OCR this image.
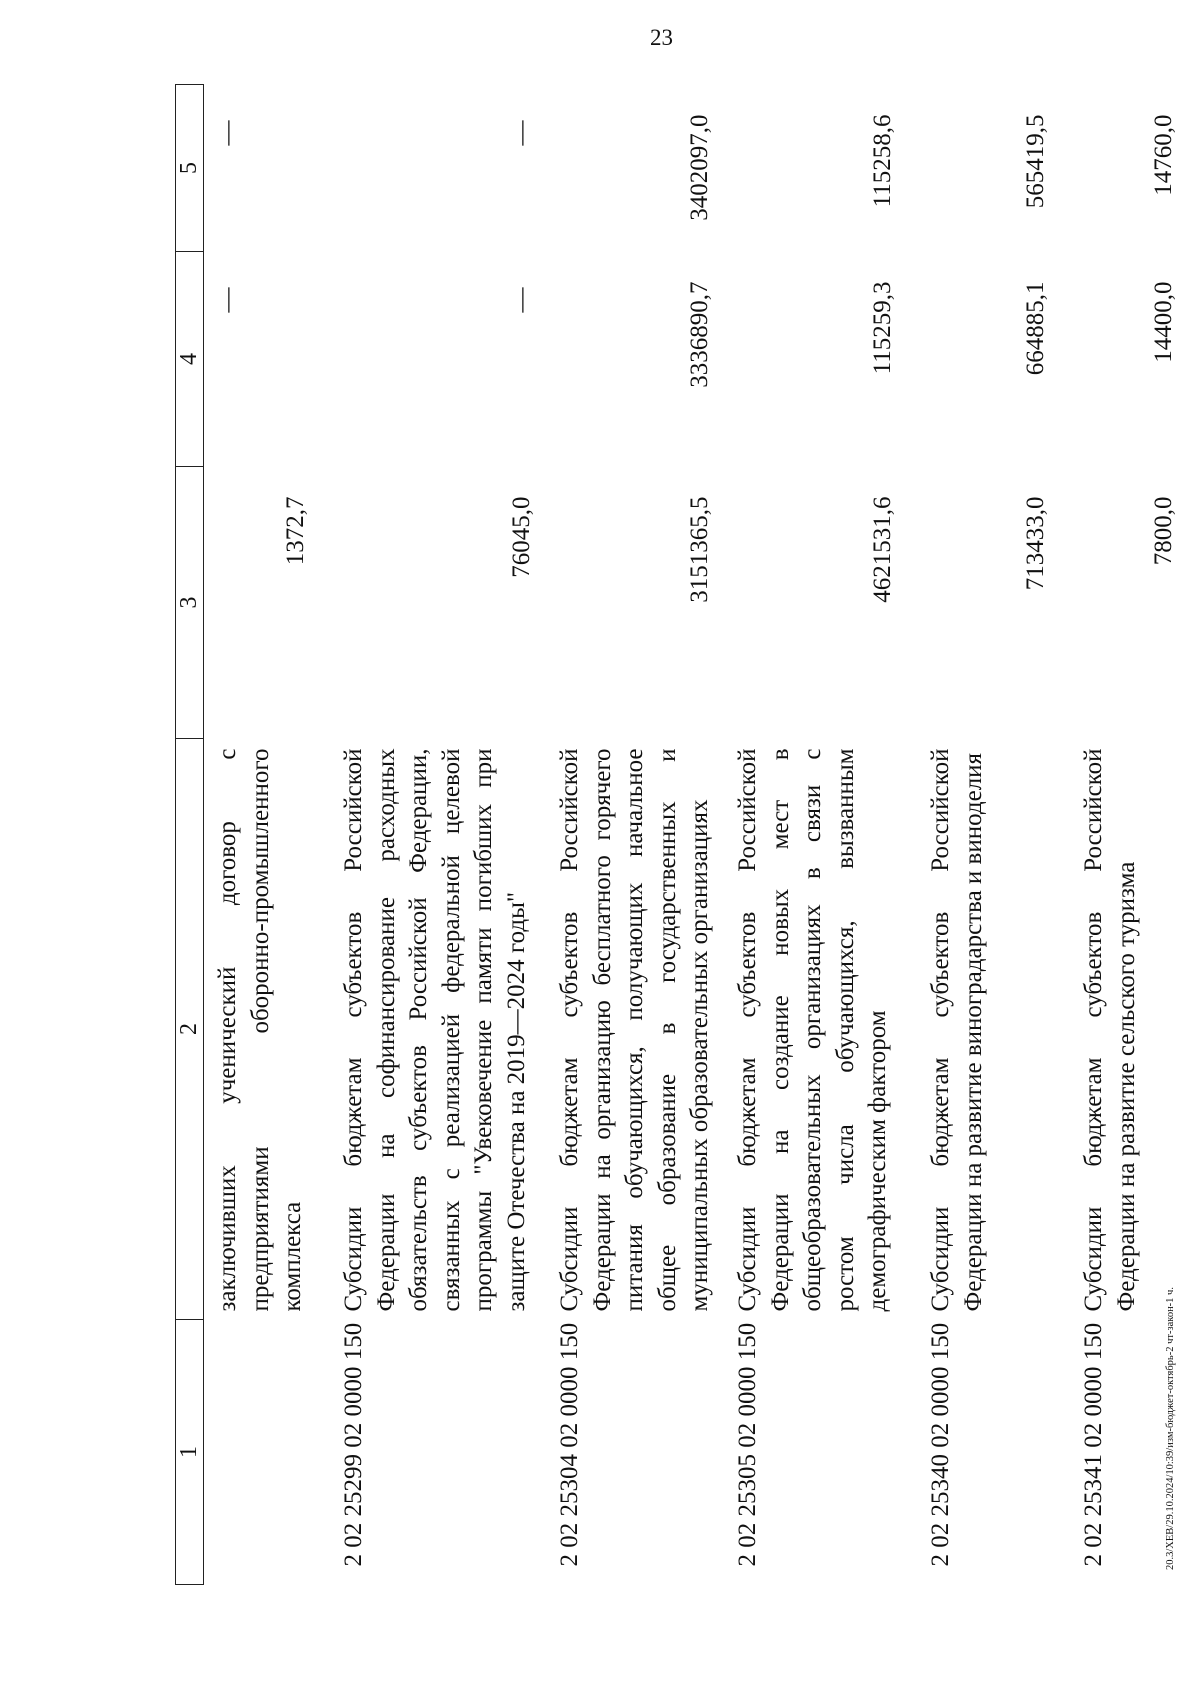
23
20.3/ХЕВ/29.10.2024/10:39/изм-бюджет-октябрь-2 чт-закон-1 ч.
1	2	3	4	5
	заключивших ученический договор с предприятиями оборонно-промышленного комплекса	1372,7	—	—
2 02 25299 02 0000 150	Субсидии бюджетам субъектов Российской Федерации на софинансирование расходных обязательств субъектов Российской Федерации, связанных с реализацией федеральной целевой программы "Увековечение памяти погибших при защите Отечества на 2019—2024 годы"	76045,0	—	—
2 02 25304 02 0000 150	Субсидии бюджетам субъектов Российской Федерации на организацию бесплатного горячего питания обучающихся, получающих начальное общее образование в государственных и муниципальных образовательных организациях	3151365,5	3336890,7	3402097,0
2 02 25305 02 0000 150	Субсидии бюджетам субъектов Российской Федерации на создание новых мест в общеобразовательных организациях в связи с ростом числа обучающихся, вызванным демографическим фактором	4621531,6	115259,3	115258,6
2 02 25340 02 0000 150	Субсидии бюджетам субъектов Российской Федерации на развитие виноградарства и виноделия	713433,0	664885,1	565419,5
2 02 25341 02 0000 150	Субсидии бюджетам субъектов Российской Федерации на развитие сельского туризма	7800,0	14400,0	14760,0
